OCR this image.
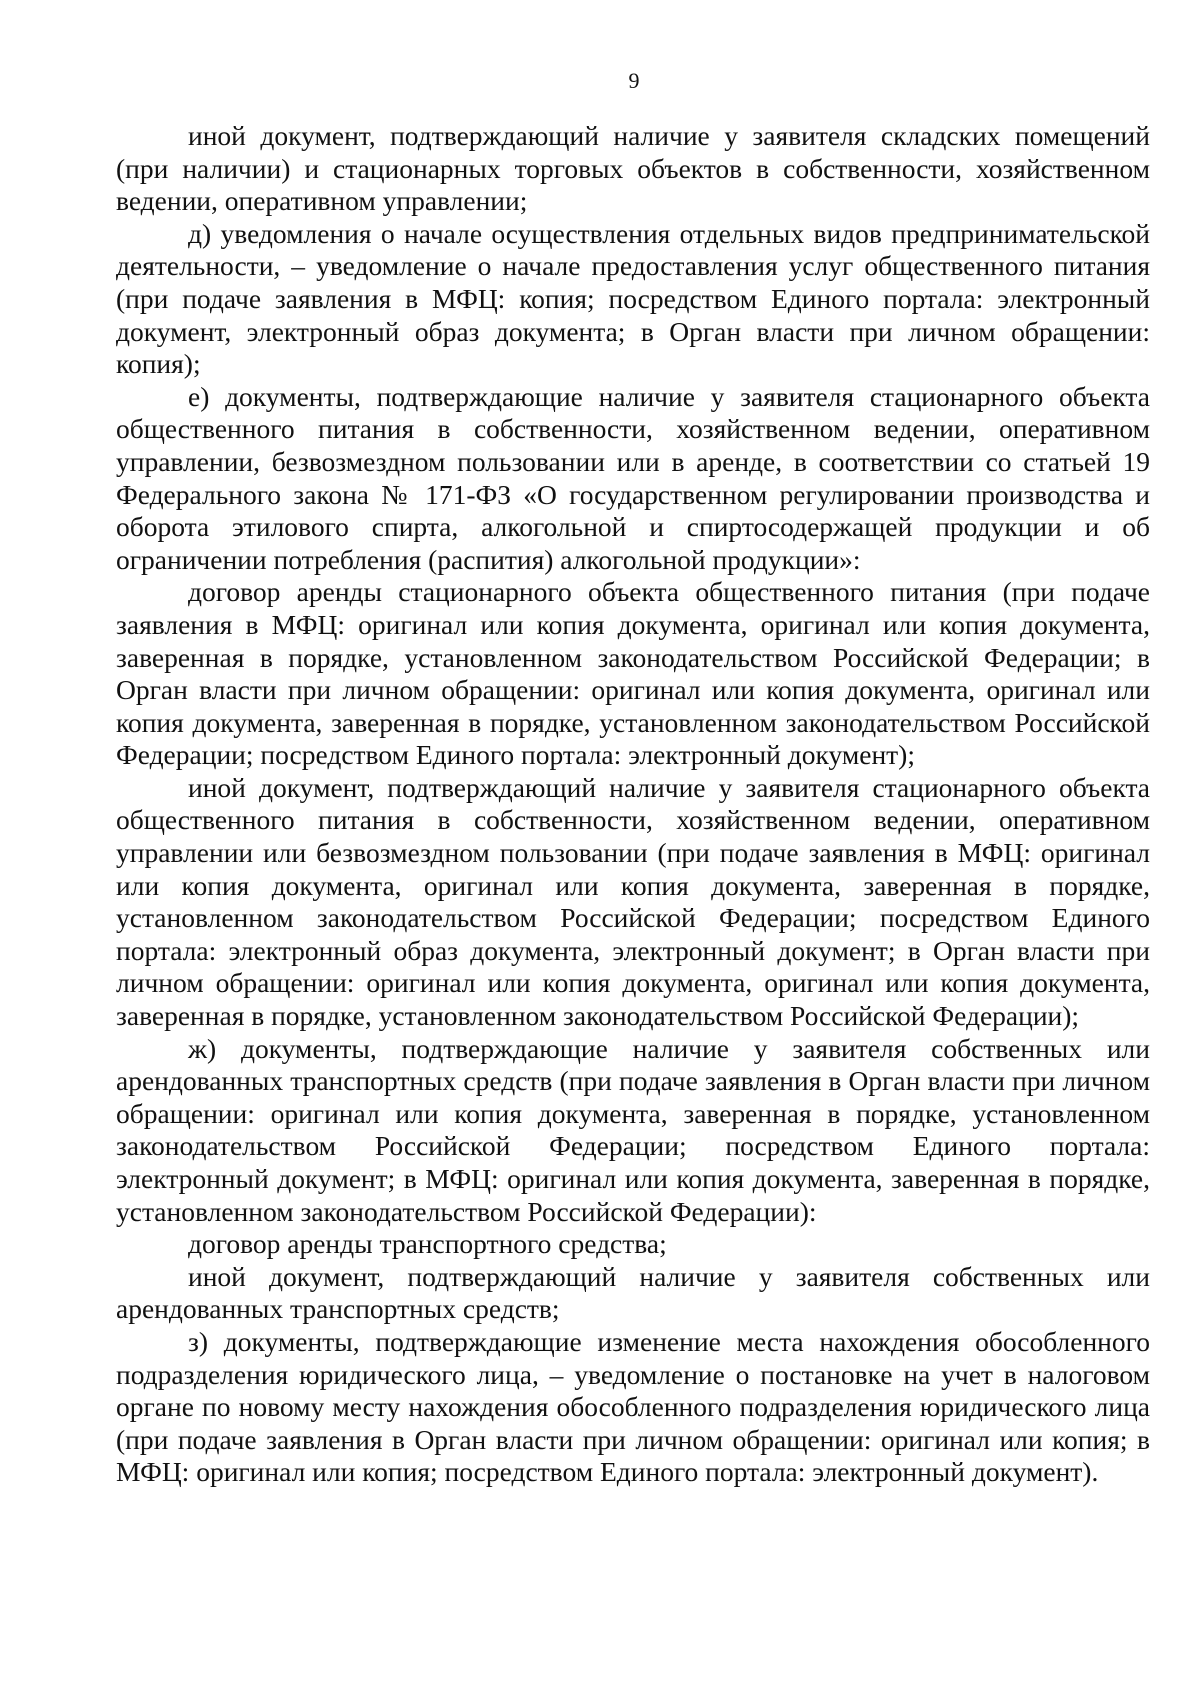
9

иной документ, подтверждающий наличие у заявителя складских помещений (при наличии) и стационарных торговых объектов в собственности, хозяйственном ведении, оперативном управлении;

д) уведомления о начале осуществления отдельных видов предпринимательской деятельности, – уведомление о начале предоставления услуг общественного питания (при подаче заявления в МФЦ: копия; посредством Единого портала: электронный документ, электронный образ документа; в Орган власти при личном обращении: копия);

е) документы, подтверждающие наличие у заявителя стационарного объекта общественного питания в собственности, хозяйственном ведении, оперативном управлении, безвозмездном пользовании или в аренде, в соответствии со статьей 19 Федерального закона № 171-ФЗ «О государственном регулировании производства и оборота этилового спирта, алкогольной и спиртосодержащей продукции и об ограничении потребления (распития) алкогольной продукции»:

договор аренды стационарного объекта общественного питания (при подаче заявления в МФЦ: оригинал или копия документа, оригинал или копия документа, заверенная в порядке, установленном законодательством Российской Федерации; в Орган власти при личном обращении: оригинал или копия документа, оригинал или копия документа, заверенная в порядке, установленном законодательством Российской Федерации; посредством Единого портала: электронный документ);

иной документ, подтверждающий наличие у заявителя стационарного объекта общественного питания в собственности, хозяйственном ведении, оперативном управлении или безвозмездном пользовании (при подаче заявления в МФЦ: оригинал или копия документа, оригинал или копия документа, заверенная в порядке, установленном законодательством Российской Федерации; посредством Единого портала: электронный образ документа, электронный документ; в Орган власти при личном обращении: оригинал или копия документа, оригинал или копия документа, заверенная в порядке, установленном законодательством Российской Федерации);

ж) документы, подтверждающие наличие у заявителя собственных или арендованных транспортных средств (при подаче заявления в Орган власти при личном обращении: оригинал или копия документа, заверенная в порядке, установленном законодательством Российской Федерации; посредством Единого портала: электронный документ; в МФЦ: оригинал или копия документа, заверенная в порядке, установленном законодательством Российской Федерации):

договор аренды транспортного средства;

иной документ, подтверждающий наличие у заявителя собственных или арендованных транспортных средств;

з) документы, подтверждающие изменение места нахождения обособленного подразделения юридического лица, – уведомление о постановке на учет в налоговом органе по новому месту нахождения обособленного подразделения юридического лица (при подаче заявления в Орган власти при личном обращении: оригинал или копия; в МФЦ: оригинал или копия; посредством Единого портала: электронный документ).
